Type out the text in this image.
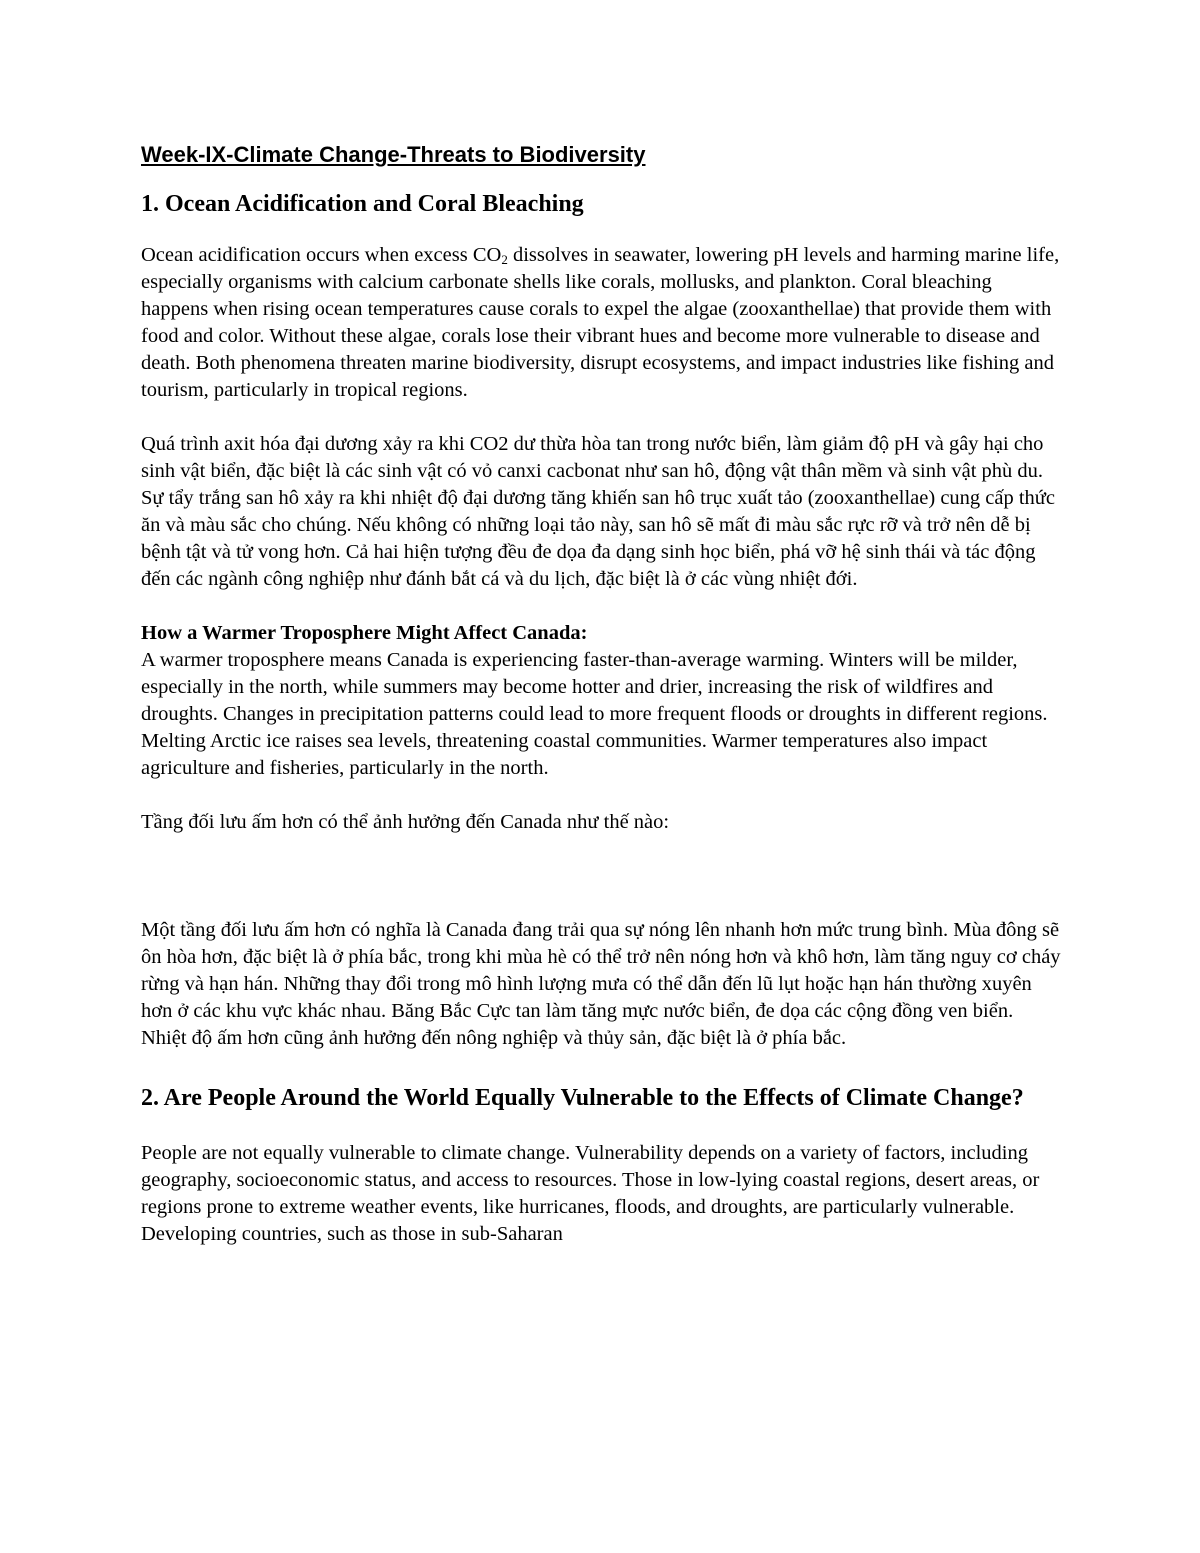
Week-IX-Climate Change-Threats to Biodiversity
1. Ocean Acidification and Coral Bleaching

Ocean acidification occurs when excess $CO_2$ dissolves in seawater, lowering pH levels and harming marine life, especially organisms with calcium carbonate shells like corals, mollusks, and plankton. Coral bleaching happens when rising ocean temperatures cause corals to expel the algae (zooxanthellae) that provide them with food and color. Without these algae, corals lose their vibrant hues and become more vulnerable to disease and death. Both phenomena threaten marine biodiversity, disrupt ecosystems, and impact industries like fishing and tourism, particularly in tropical regions.

Quá trình axit hóa đại dương xảy ra khi CO2 dư thừa hòa tan trong nước biển, làm giảm độ pH và gây hại cho sinh vật biển, đặc biệt là các sinh vật có vỏ canxi cacbonat như san hô, động vật thân mềm và sinh vật phù du. Sự tẩy trắng san hô xảy ra khi nhiệt độ đại dương tăng khiến san hô trục xuất tảo (zooxanthellae) cung cấp thức ăn và màu sắc cho chúng. Nếu không có những loại tảo này, san hô sẽ mất đi màu sắc rực rỡ và trở nên dễ bị bệnh tật và tử vong hơn. Cả hai hiện tượng đều đe dọa đa dạng sinh học biển, phá vỡ hệ sinh thái và tác động đến các ngành công nghiệp như đánh bắt cá và du lịch, đặc biệt là ở các vùng nhiệt đới.

How a Warmer Troposphere Might Affect Canada:
A warmer troposphere means Canada is experiencing faster-than-average warming. Winters will be milder, especially in the north, while summers may become hotter and drier, increasing the risk of wildfires and droughts. Changes in precipitation patterns could lead to more frequent floods or droughts in different regions. Melting Arctic ice raises sea levels, threatening coastal communities. Warmer temperatures also impact agriculture and fisheries, particularly in the north.

Tầng đối lưu ấm hơn có thể ảnh hưởng đến Canada như thế nào:

Một tầng đối lưu ấm hơn có nghĩa là Canada đang trải qua sự nóng lên nhanh hơn mức trung bình. Mùa đông sẽ ôn hòa hơn, đặc biệt là ở phía bắc, trong khi mùa hè có thể trở nên nóng hơn và khô hơn, làm tăng nguy cơ cháy rừng và hạn hán. Những thay đổi trong mô hình lượng mưa có thể dẫn đến lũ lụt hoặc hạn hán thường xuyên hơn ở các khu vực khác nhau. Băng Bắc Cực tan làm tăng mực nước biển, đe dọa các cộng đồng ven biển. Nhiệt độ ấm hơn cũng ảnh hưởng đến nông nghiệp và thủy sản, đặc biệt là ở phía bắc.

2. Are People Around the World Equally Vulnerable to the Effects of Climate Change?

People are not equally vulnerable to climate change. Vulnerability depends on a variety of factors, including geography, socioeconomic status, and access to resources. Those in low-lying coastal regions, desert areas, or regions prone to extreme weather events, like hurricanes, floods, and droughts, are particularly vulnerable. Developing countries, such as those in sub-Saharan
